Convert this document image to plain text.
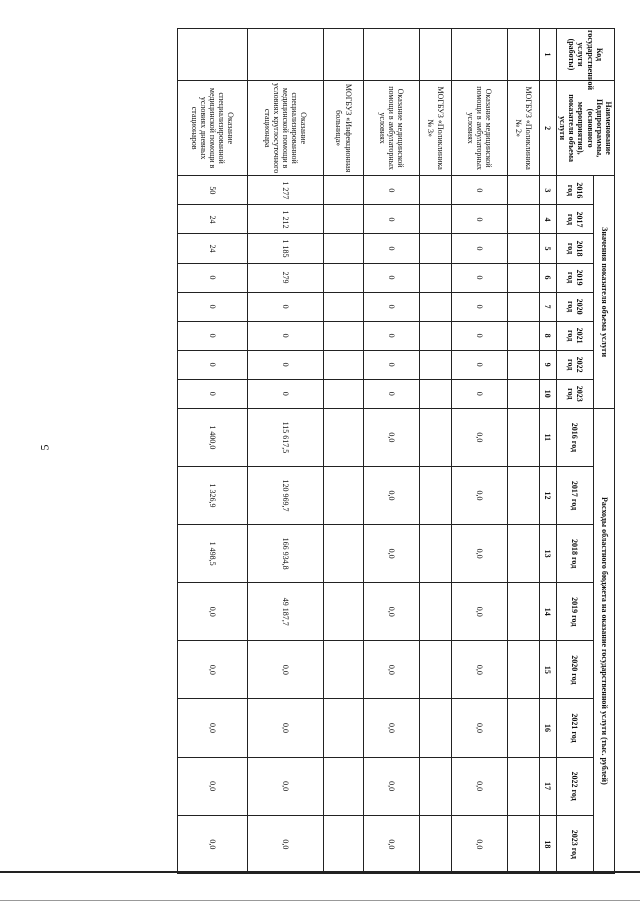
5
Код государственной услуги (работы)	Наименование Подпрограммы, (основного мероприятия), показателя объема услуги	Значения показателя объема услуги								Расходы областного бюджета на оказание государственной услуги (тыс. рублей)							
		2016 год	2017 год	2018 год	2019 год	2020 год	2021 год	2022 год	2023 год	2016 год	2017 год	2018 год	2019 год	2020 год	2021 год	2022 год	2023 год
1	2	3	4	5	6	7	8	9	10	11	12	13	14	15	16	17	18
	МОГБУЗ «Поликлиника № 2»																
	Оказание медицинской помощи в амбулаторных условиях	0	0	0	0	0	0	0	0	0,0	0,0	0,0	0,0	0,0	0,0	0,0	0,0
	МОГБУЗ «Поликлиника № 3»																
	Оказание медицинской помощи в амбулаторных условиях	0	0	0	0	0	0	0	0	0,0	0,0	0,0	0,0	0,0	0,0	0,0	0,0
	МОГБУЗ «Инфекционная больница»																
	Оказание специализированной медицинской помощи в условиях круглосуточного стационара	1 277	1 212	1 185	279	0	0	0	0	115 617,5	120 969,7	166 934,8	49 187,7	0,0	0,0	0,0	0,0
	Оказание специализированной медицинской помощи в условиях дневных стационаров	50	24	24	0	0	0	0	0	1 400,0	1 326,9	1 498,5	0,0	0,0	0,0	0,0	0,0
